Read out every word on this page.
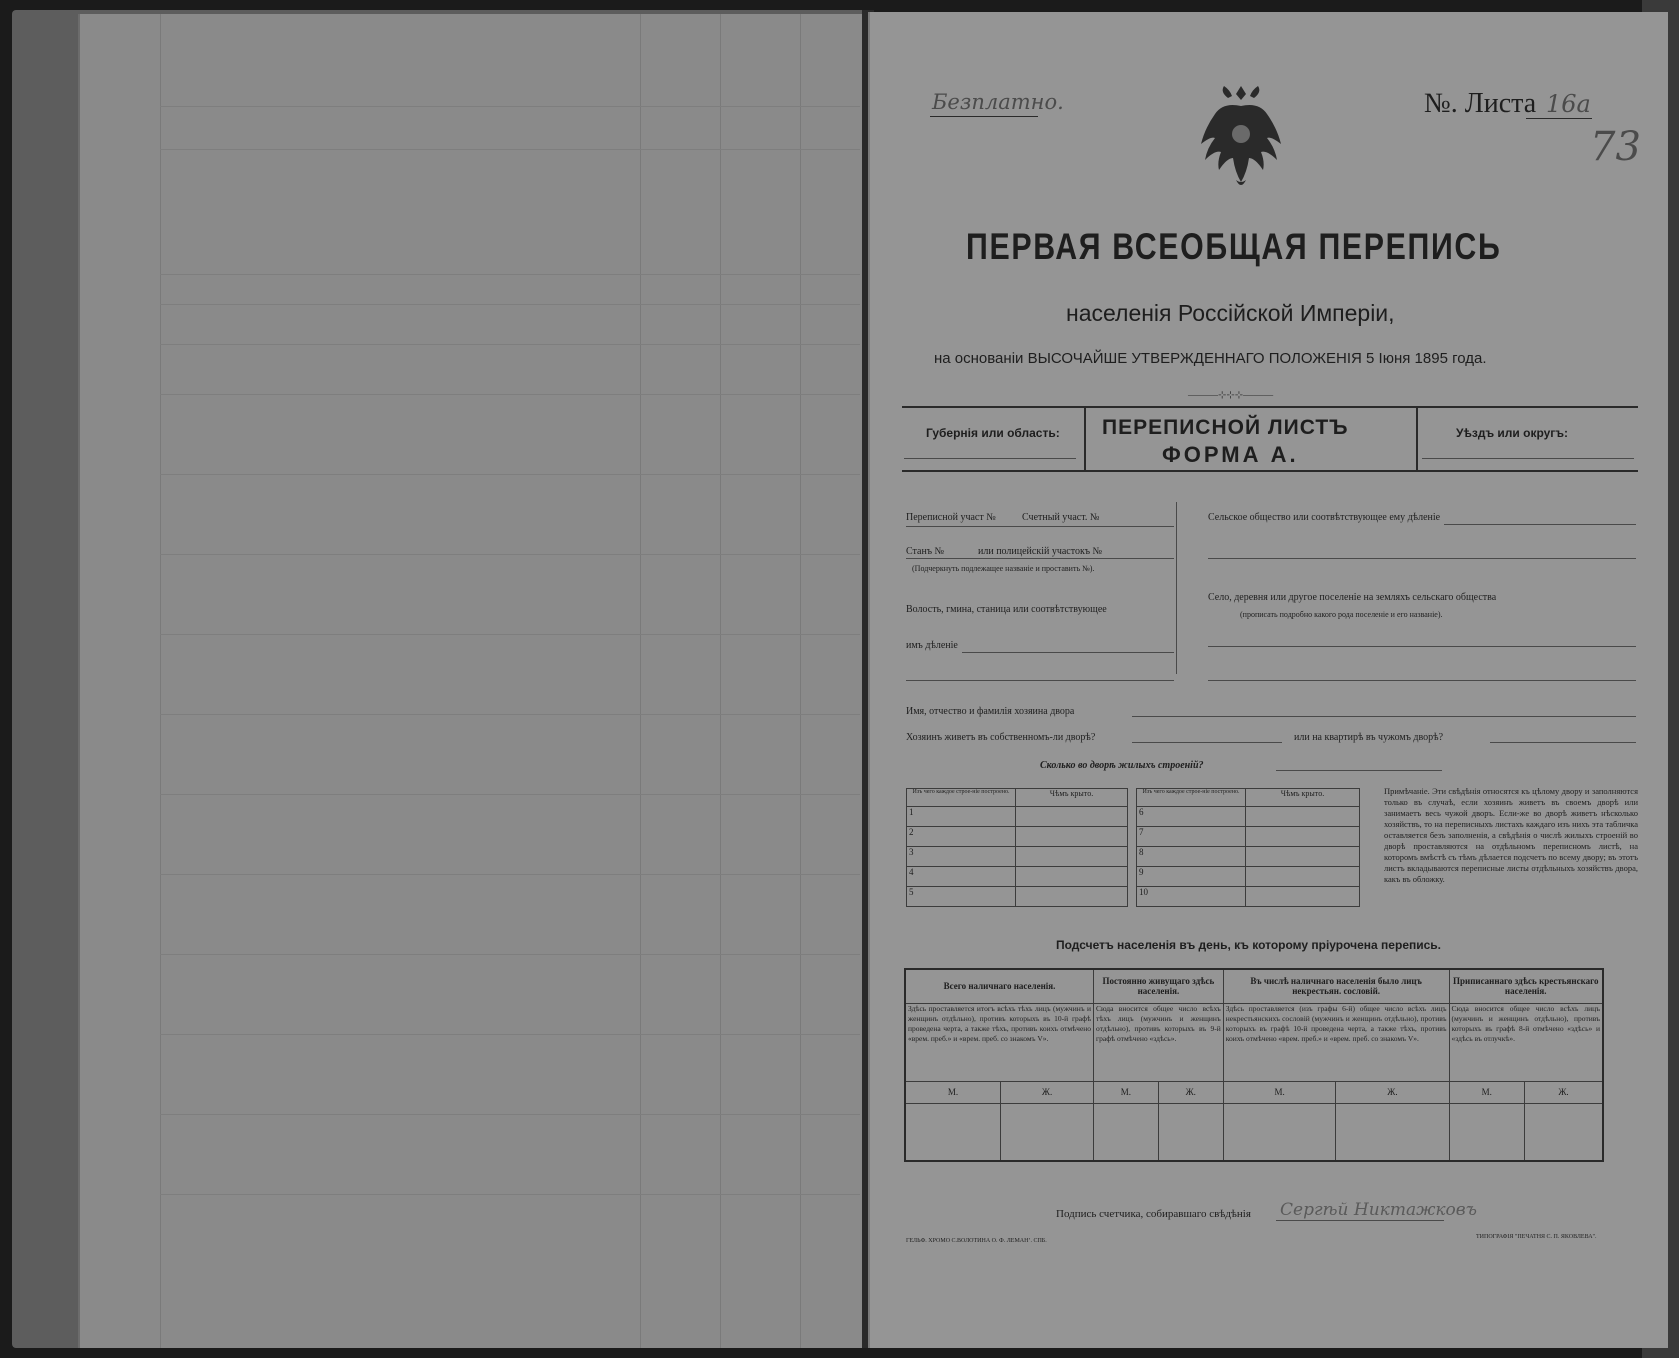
Безплатно.	№. Листа 16а
73
ПЕРВАЯ ВСЕОБЩАЯ ПЕРЕПИСЬ
населенія Россійской Имперіи,
на основаніи ВЫСОЧАЙШЕ УТВЕРЖДЕННАГО ПОЛОЖЕНІЯ 5 Іюня 1895 года.
———⊹⊹⊹———
Губернія или область: ПЕРЕПИСНОЙ ЛИСТЪ
ФОРМА А.
Уѣздъ или округъ:
Переписной участ №	Счетный участ. №
Станъ №	или полицейскій участокъ №
(Подчеркнуть подлежащее названіе и проставить №).
Волость, гмина, станица или соотвѣтствующее
имъ дѣленіе
Сельское общество или соотвѣтствующее ему дѣленіе
Село, деревня или другое поселеніе на земляхъ сельскаго общества
(прописать подробно какого рода поселеніе и его названіе).
Имя, отчество и фамилія хозяина двора
Хозяинъ живетъ въ собственномъ-ли дворѣ?	или на квартирѣ въ чужомъ дворѣ?
Сколько во дворѣ жилыхъ строеній?
Изъ чего каждое строе-ніе построено.	Чѣмъ крыто.
1	
2	
3	
4	
5	
Изъ чего каждое строе-ніе построено.	Чѣмъ крыто.
6	
7	
8	
9	
10	
Примѣчаніе. Эти свѣдѣнія относятся къ цѣлому двору и заполняются только въ случаѣ, если хозяинъ живетъ въ своемъ дворѣ или занимаетъ весь чужой дворъ. Если-же во дворѣ живетъ нѣсколько хозяйствъ, то на переписныхъ листахъ каждаго изъ нихъ эта табличка оставляется безъ заполненія, а свѣдѣнія о числѣ жилыхъ строеній во дворѣ проставляются на отдѣльномъ переписномъ листѣ, на которомъ вмѣстѣ съ тѣмъ дѣлается подсчетъ по всему двору; въ этотъ листъ вкладываются переписные листы отдѣльныхъ хозяйствъ двора, какъ въ обложку.
Подсчетъ населенія въ день, къ которому пріурочена перепись.
Всего наличнаго населенія.		Постоянно живущаго здѣсь населенія.		Въ числѣ наличнаго населенія было лицъ некрестьян. сословій.		Приписаннаго здѣсь крестьянскаго населенія.	
Здѣсь проставляется итогъ всѣхъ тѣхъ лицъ (мужчинъ и женщинъ отдѣльно), противъ которыхъ въ 10-й графѣ проведена черта, а также тѣхъ, противъ коихъ отмѣчено «врем. преб.» и «врем. преб. со знакомъ V».		Сюда вносится общее число всѣхъ тѣхъ лицъ (мужчинъ и женщинъ отдѣльно), противъ которыхъ въ 9-й графѣ отмѣчено «здѣсь».		Здѣсь проставляется (изъ графы 6-й) общее число всѣхъ лицъ некрестьянскихъ сословій (мужчинъ и женщинъ отдѣльно), противъ которыхъ въ графѣ 10-й проведена черта, а также тѣхъ, противъ коихъ отмѣчено «врем. преб.» и «врем. преб. со знакомъ V».		Сюда вносится общее число всѣхъ лицъ (мужчинъ и женщинъ отдѣльно), противъ которыхъ въ графѣ 8-й отмѣчено «здѣсь» и «здѣсь въ отлучкѣ».	
М.	Ж.	М.	Ж.	М.	Ж.	М.	Ж.

Подпись счетчика, собиравшаго свѣдѣнія Сергѣй Никтажковъ
ГЕЛЬФ. ХРОМО С.ВОЛОТИНА О. Ф. ЛЕМАН’. СПБ.
ТИПОГРАФІЯ "ПЕЧАТНЯ С. П. ЯКОВЛЕВА".
